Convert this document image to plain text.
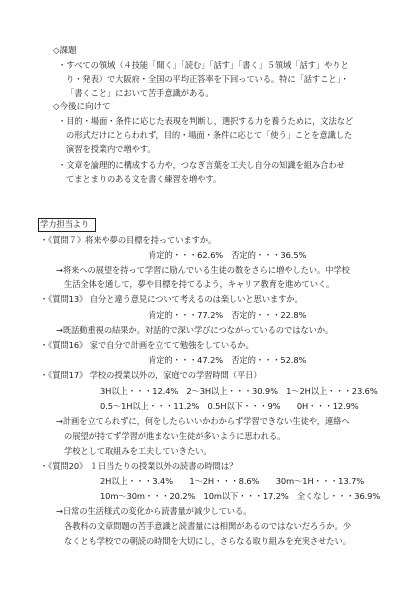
◇課題
・すべての領域（４技能「聞く」「読む」「話す」「書く」５領域「話す」やりと
り・発表）で大阪府・全国の平均正答率を下回っている。特に「話すこと」・
「書くこと」において苦手意識がある。
◇今後に向けて
・目的・場面・条件に応じた表現を判断し，選択する力を養うために，文法など
の形式だけにとらわれず，目的・場面・条件に応じて「使う」ことを意識した
演習を授業内で増やす。
・文章を論理的に構成する力や，つなぎ言葉を工夫し自分の知識を組み合わせ
てまとまりのある文を書く練習を増やす。
学力担当より
・《質問７》将来や夢の目標を持っていますか。
肯定的・・・62.6%　否定的・・・36.5%
→将来への展望を持って学習に励んでいる生徒の数をさらに増やしたい。中学校
生活全体を通して，夢や目標を持てるよう，キャリア教育を進めていく。
・《質問13》 自分と違う意見について考えるのは楽しいと思いますか。
肯定的・・・77.2%　否定的・・・22.8%
→既話動重視の結果か。対話的で深い学びにつながっているのではないか。
・《質問16》 家で自分で計画を立てて勉強をしているか。
肯定的・・・47.2%　否定的・・・52.8%
・《質問17》 学校の授業以外の，家庭での学習時間（平日）
3H以上・・・12.4%　2～3H以上・・・30.9%　1～2H以上・・・23.6%
0.5～1H以上・・・11.2%　0.5H以下・・・9%　　0H・・・12.9%
→計画を立てられずに，何をしたらいいかわからず学習できない生徒や，連絡へ
の展望が持てず学習が進まない生徒が多いように思われる。
学校として取組みを工夫していきたい。
・《質問20》 １日当たりの授業以外の読書の時間は？
2H以上・・・3.4%　　1～2H・・・8.6%　　30m～1H・・・13.7%
10m～30m・・・20.2%　10m以下・・・17.2%　全くなし・・・36.9%
→日常の生活様式の変化から読書量が減少している。
各教科の文章問題の苦手意識と読書量には相関があるのではないだろうか。少
なくとも学校での朝読の時間を大切にし，さらなる取り組みを充実させたい。
